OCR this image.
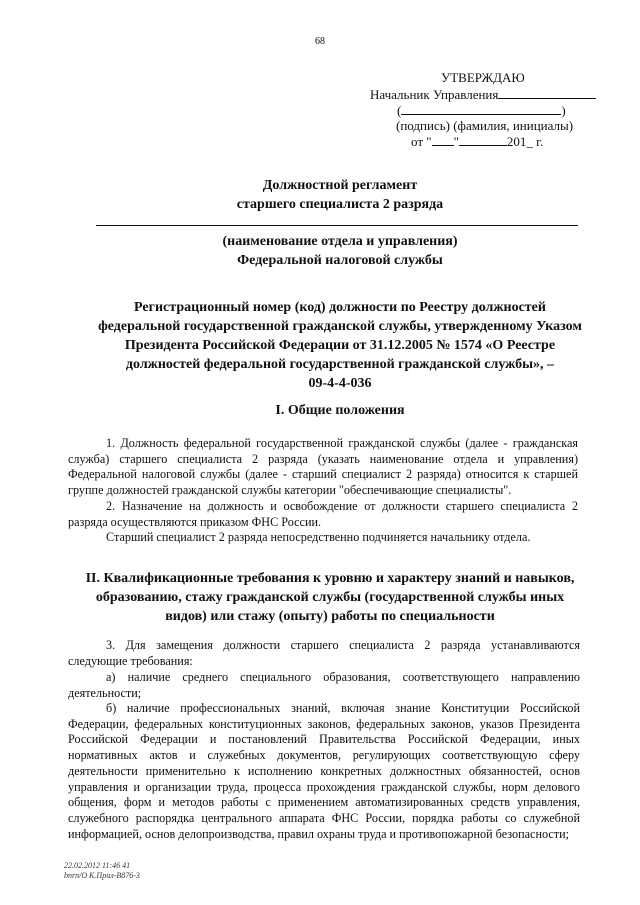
68
УТВЕРЖДАЮ
Начальник Управления
(	)
(подпись) (фамилия, инициалы)
от " "	201_ г.
Должностной регламент
старшего специалиста 2 разряда
(наименование отдела и управления)
Федеральной налоговой службы
Регистрационный номер (код) должности по Реестру должностей
федеральной государственной гражданской службы, утвержденному Указом
Президента Российской Федерации от 31.12.2005 № 1574 «О Реестре
должностей федеральной государственной гражданской службы», –
09-4-4-036
I. Общие положения
1. Должность федеральной государственной гражданской службы (далее - гражданская служба) старшего специалиста 2 разряда (указать наименование отдела и управления) Федеральной налоговой службы (далее - старший специалист 2 разряда) относится к старшей группе должностей гражданской службы категории "обеспечивающие специалисты".
2. Назначение на должность и освобождение от должности старшего специалиста 2 разряда осуществляются приказом ФНС России.
Старший специалист 2 разряда непосредственно подчиняется начальнику отдела.
II. Квалификационные требования к уровню и характеру знаний и навыков,
образованию, стажу гражданской службы (государственной службы иных
видов) или стажу (опыту) работы по специальности
3. Для замещения должности старшего специалиста 2 разряда устанавливаются следующие требования:
а) наличие среднего специального образования, соответствующего направлению деятельности;
б) наличие профессиональных знаний, включая знание Конституции Российской Федерации, федеральных конституционных законов, федеральных законов, указов Президента Российской Федерации и постановлений Правительства Российской Федерации, иных нормативных актов и служебных документов, регулирующих соответствующую сферу деятельности применительно к исполнению конкретных должностных обязанностей, основ управления и организации труда, процесса прохождения гражданской службы, норм делового общения, форм и методов работы с применением автоматизированных средств управления, служебного распорядка центрального аппарата ФНС России, порядка работы со служебной информацией, основ делопроизводства, правил охраны труда и противопожарной безопасности;
22.02.2012 11:46 41
bnrn/O К.Прил-B876-3
